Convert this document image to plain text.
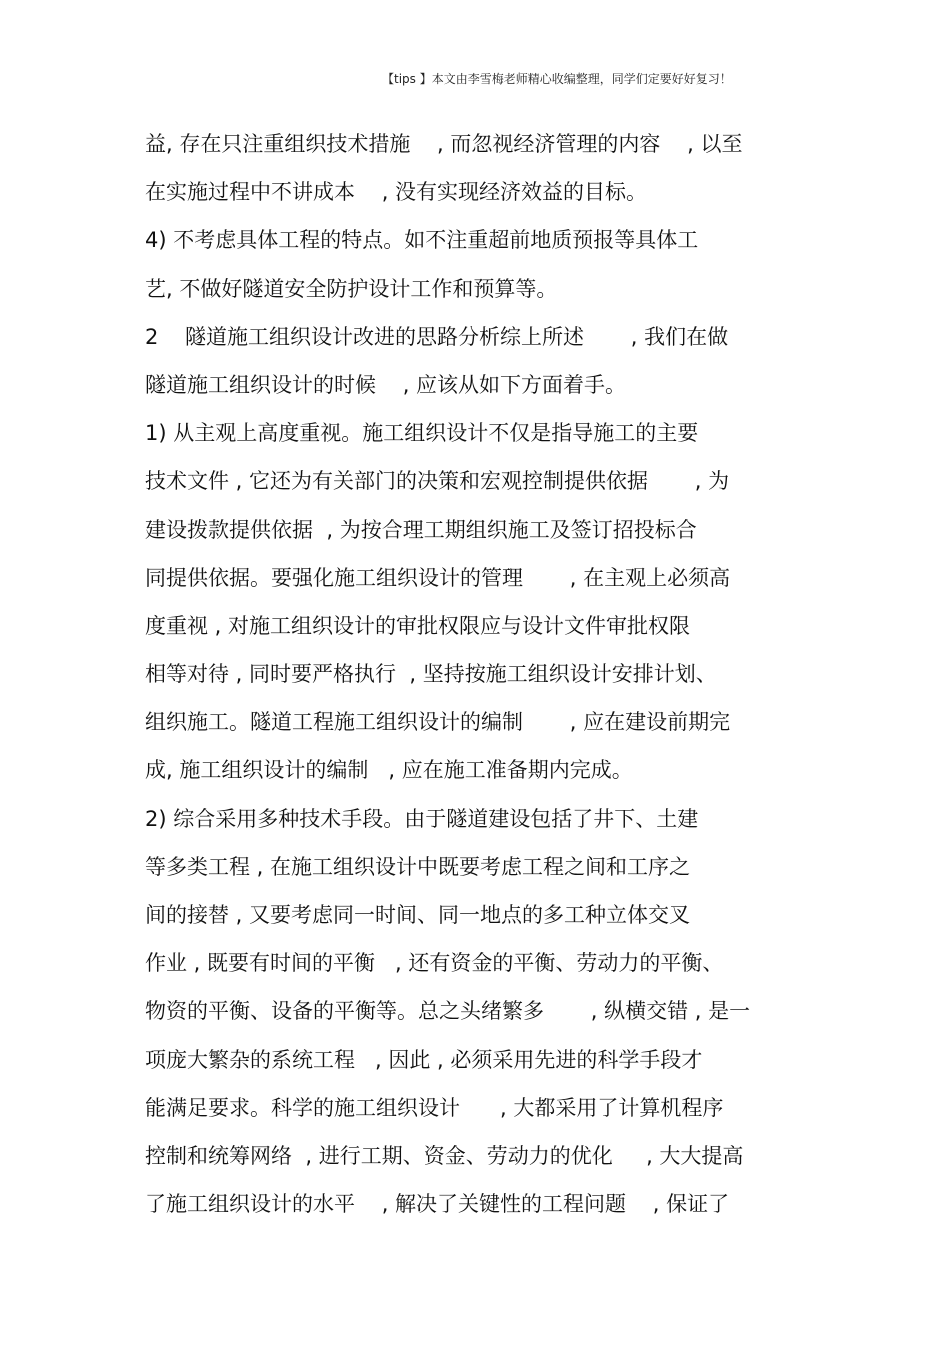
【tips 】本文由李雪梅老师精心收编整理，同学们定要好好复习！
益, 存在只注重组织技术措施    , 而忽视经济管理的内容    , 以至
在实施过程中不讲成本    , 没有实现经济效益的目标。
4) 不考虑具体工程的特点。如不注重超前地质预报等具体工
艺, 不做好隧道安全防护设计工作和预算等。
2    隧道施工组织设计改进的思路分析综上所述       , 我们在做
隧道施工组织设计的时候    , 应该从如下方面着手。
1) 从主观上高度重视。施工组织设计不仅是指导施工的主要
技术文件 , 它还为有关部门的决策和宏观控制提供依据       , 为
建设拨款提供依据  , 为按合理工期组织施工及签订招投标合
同提供依据。要强化施工组织设计的管理       , 在主观上必须高
度重视 , 对施工组织设计的审批权限应与设计文件审批权限
相等对待 , 同时要严格执行  , 坚持按施工组织设计安排计划、
组织施工。隧道工程施工组织设计的编制       , 应在建设前期完
成, 施工组织设计的编制   , 应在施工准备期内完成。
2) 综合采用多种技术手段。由于隧道建设包括了井下、土建
等多类工程 , 在施工组织设计中既要考虑工程之间和工序之
间的接替 , 又要考虑同一时间、同一地点的多工种立体交叉
作业 , 既要有时间的平衡   , 还有资金的平衡、劳动力的平衡、
物资的平衡、设备的平衡等。总之头绪繁多       , 纵横交错 , 是一
项庞大繁杂的系统工程   , 因此 , 必须采用先进的科学手段才
能满足要求。科学的施工组织设计      , 大都采用了计算机程序
控制和统筹网络  , 进行工期、资金、劳动力的优化     , 大大提高
了施工组织设计的水平    , 解决了关键性的工程问题    , 保证了
